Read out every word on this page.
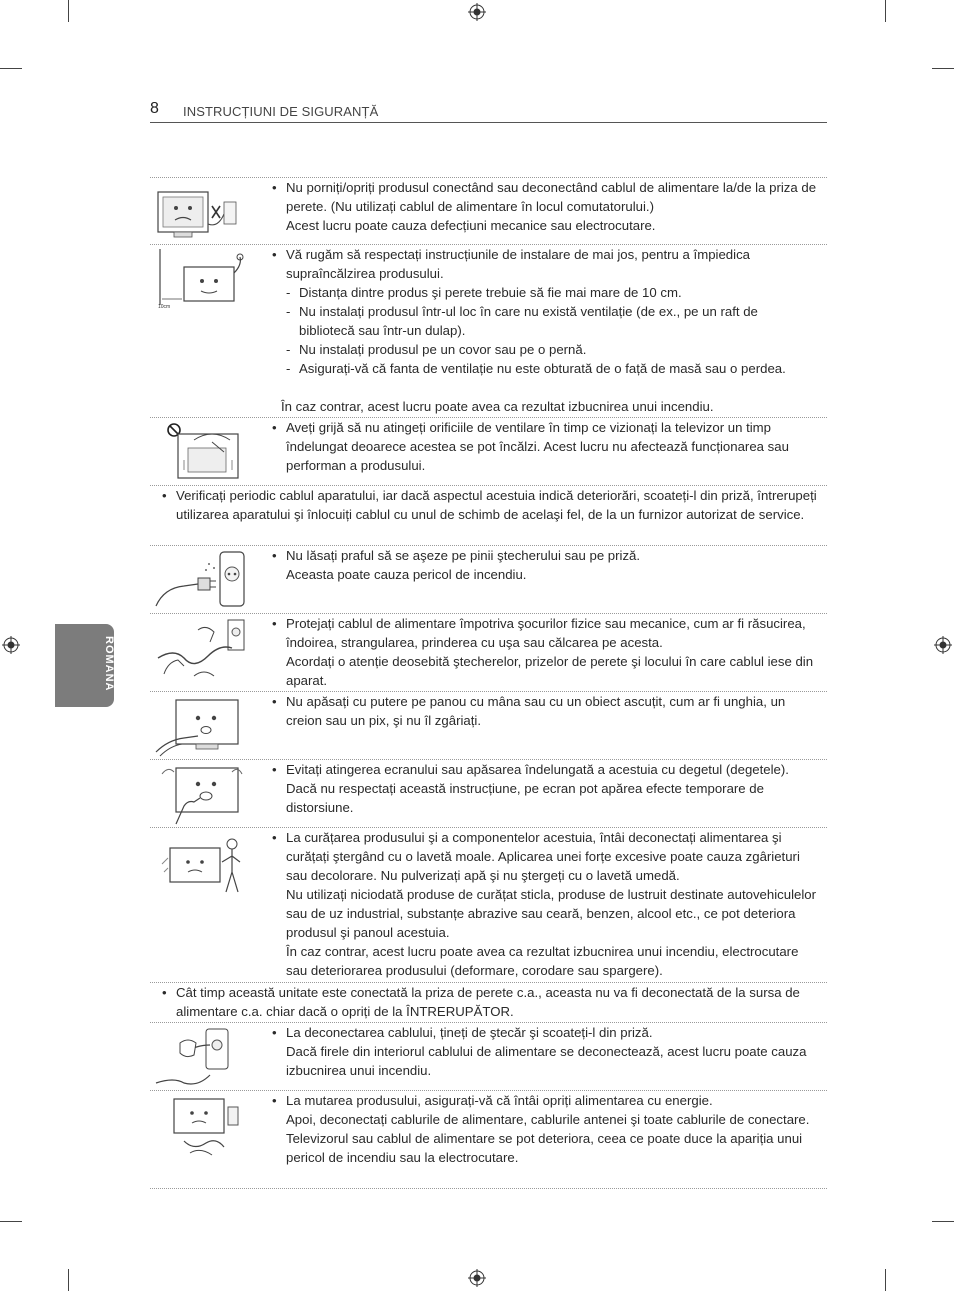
8 INSTRUCȚIUNI DE SIGURANȚĂ
ROMÂNĂ

• Nu porniți/opriți produsul conectând sau deconectând cablul de alimentare la/de la priza de perete. (Nu utilizați cablul de alimentare în locul comutatorului.)

Acest lucru poate cauza defecțiuni mecanice sau electrocutare.

10cm

• Vă rugăm să respectați instrucțiunile de instalare de mai jos, pentru a împiedica supraîncălzirea produsului.

- Distanța dintre produs şi perete trebuie să fie mai mare de 10 cm.

- Nu instalați produsul într-ul loc în care nu există ventilație (de ex., pe un raft de bibliotecă sau într-un dulap).

- Nu instalați produsul pe un covor sau pe o pernă.

- Asigurați-vă că fanta de ventilație nu este obturată de o față de masă sau o perdea.

În caz contrar, acest lucru poate avea ca rezultat izbucnirea unui incendiu.

• Aveți grijă să nu atingeți orificiile de ventilare în timp ce vizionați la televizor un timp îndelungat deoarece acestea se pot încălzi. Acest lucru nu afectează funcționarea sau performan a produsului.

• Verificați periodic cablul aparatului, iar dacă aspectul acestuia indică deteriorări, scoateți-l din priză, întrerupeți utilizarea aparatului şi înlocuiți cablul cu unul de schimb de acelaşi fel, de la un furnizor autorizat de service.

• Nu lăsați praful să se aşeze pe pinii ştecherului sau pe priză.

Aceasta poate cauza pericol de incendiu.

• Protejați cablul de alimentare împotriva şocurilor fizice sau mecanice, cum ar fi răsucirea, îndoirea, strangularea, prinderea cu uşa sau călcarea pe acesta.

Acordați o atenție deosebită ştecherelor, prizelor de perete şi locului în care cablul iese din aparat.

• Nu apăsați cu putere pe panou cu mâna sau cu un obiect ascuțit, cum ar fi unghia, un creion sau un pix, şi nu îl zgâriați.

• Evitați atingerea ecranului sau apăsarea îndelungată a acestuia cu degetul (degetele). Dacă nu respectați această instrucțiune, pe ecran pot apărea efecte temporare de distorsiune.

• La curățarea produsului şi a componentelor acestuia, întâi deconectați alimentarea şi curățați ştergând cu o lavetă moale. Aplicarea unei forțe excesive poate cauza zgârieturi sau decolorare. Nu pulverizați apă şi nu ştergeți cu o lavetă umedă.

Nu utilizați niciodată produse de curățat sticla, produse de lustruit destinate autovehiculelor sau de uz industrial, substanțe abrazive sau ceară, benzen, alcool etc., ce pot deteriora produsul şi panoul acestuia.

În caz contrar, acest lucru poate avea ca rezultat izbucnirea unui incendiu, electrocutare sau deteriorarea produsului (deformare, corodare sau spargere).

• Cât timp această unitate este conectată la priza de perete c.a., aceasta nu va fi deconectată de la sursa de alimentare c.a. chiar dacă o opriți de la ÎNTRERUPĂTOR.

• La deconectarea cablului, țineți de ştecăr şi scoateți-l din priză.

Dacă firele din interiorul cablului de alimentare se deconectează, acest lucru poate cauza izbucnirea unui incendiu.

• La mutarea produsului, asigurați-vă că întâi opriți alimentarea cu energie.

Apoi, deconectați cablurile de alimentare, cablurile antenei şi toate cablurile de conectare.

Televizorul sau cablul de alimentare se pot deteriora, ceea ce poate duce la apariția unui pericol de incendiu sau la electrocutare.
